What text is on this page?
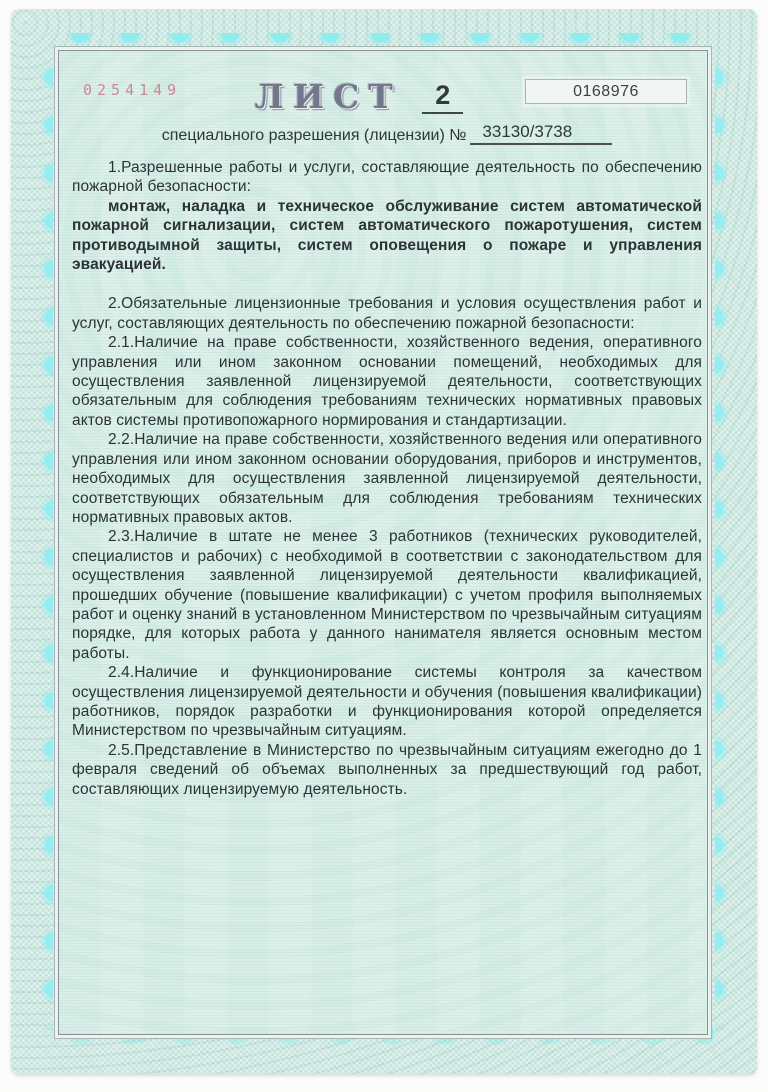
0254149	0168976
ЛИСТ 2
специального разрешения (лицензии) № 33130/3738

1.Разрешенные работы и услуги, составляющие деятельность по обеспечению пожарной безопасности:

монтаж, наладка и техническое обслуживание систем автоматической пожарной сигнализации, систем автоматического пожаротушения, систем противодымной защиты, систем оповещения о пожаре и управления эвакуацией.

2.Обязательные лицензионные требования и условия осуществления работ и услуг, составляющих деятельность по обеспечению пожарной безопасности:

2.1.Наличие на праве собственности, хозяйственного ведения, оперативного управления или ином законном основании помещений, необходимых для осуществления заявленной лицензируемой деятельности, соответствующих обязательным для соблюдения требованиям технических нормативных правовых актов системы противопожарного нормирования и стандартизации.

2.2.Наличие на праве собственности, хозяйственного ведения или оперативного управления или ином законном основании оборудования, приборов и инструментов, необходимых для осуществления заявленной лицензируемой деятельности, соответствующих обязательным для соблюдения требованиям технических нормативных правовых актов.

2.3.Наличие в штате не менее 3 работников (технических руководителей, специалистов и рабочих) с необходимой в соответствии с законодательством для осуществления заявленной лицензируемой деятельности квалификацией, прошедших обучение (повышение квалификации) с учетом профиля выполняемых работ и оценку знаний в установленном Министерством по чрезвычайным ситуациям порядке, для которых работа у данного нанимателя является основным местом работы.

2.4.Наличие и функционирование системы контроля за качеством осуществления лицензируемой деятельности и обучения (повышения квалификации) работников, порядок разработки и функционирования которой определяется Министерством по чрезвычайным ситуациям.

2.5.Представление в Министерство по чрезвычайным ситуациям ежегодно до 1 февраля сведений об объемах выполненных за предшествующий год работ, составляющих лицензируемую деятельность.
